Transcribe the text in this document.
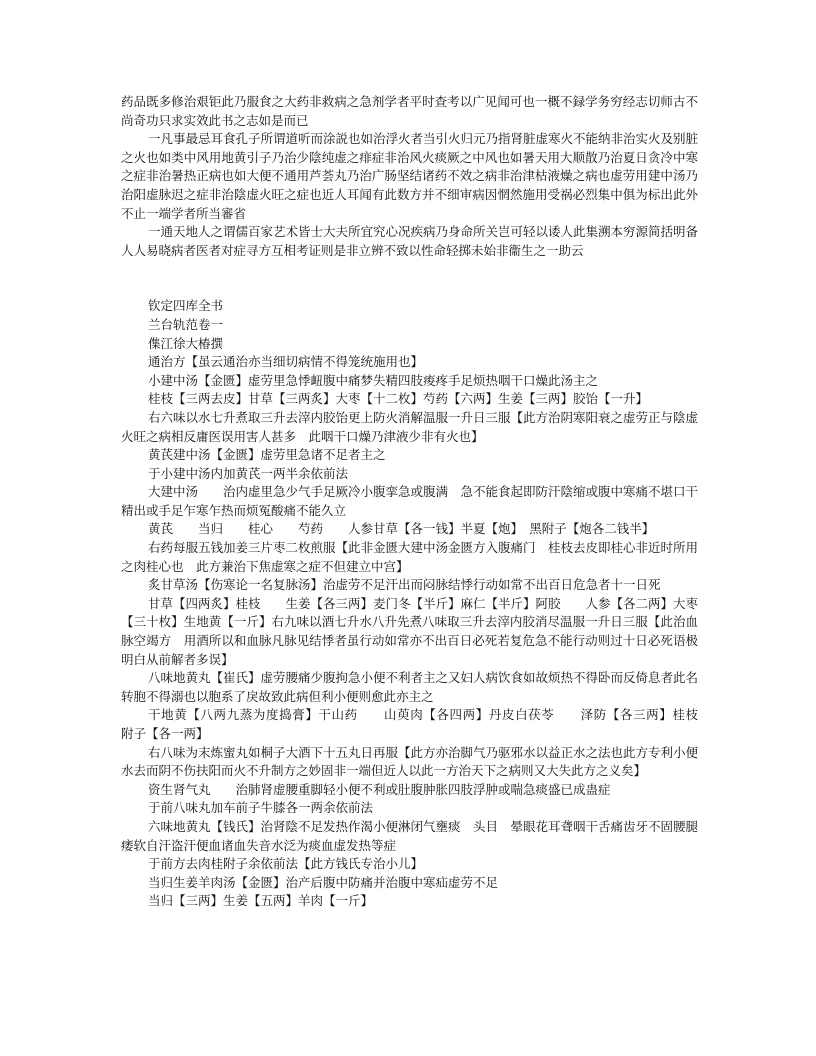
药品既多修治艰钜此乃服食之大药非救病之急剂学者平时查考以广见闻可也一概不録学务穷经志切师古不尚奇功只求实效此书之志如是而已

一凡事最忌耳食孔子所谓道听而涂説也如治浮火者当引火归元乃指肾脏虚寒火不能纳非治实火及别脏之火也如类中风用地黄引子乃治少陰纯虚之痱症非治风火痰厥之中风也如暑天用大顺散乃治夏日贪冷中寒之症非治暑热正病也如大便不通用芦荟丸乃治广肠坚结诸药不效之病非治津枯液燥之病也虚劳用建中汤乃治阳虚脉迟之症非治陰虚火旺之症也近人耳闻有此数方并不细审病因惘然施用受祸必烈集中俱为标出此外不止一端学者所当審省

一通天地人之谓儒百家艺术皆士大夫所宜究心况疾病乃身命所关岂可轻以诿人此集溯本穷源简括明备人人易晓病者医者对症寻方互相考证则是非立辨不致以性命轻掷未始非衞生之一助云

钦定四库全书

兰台轨范卷一

𠍱江徐大椿撰

通治方【虽云通治亦当细切病情不得笼统施用也】

小建中汤【金匮】虚劳里急悸衄腹中痛梦失精四肢痠疼手足烦热咽干口燥此汤主之

桂枝【三两去皮】甘草【三两炙】大枣【十二枚】芍药【六两】生姜【三两】胶饴【一升】

右六味以水七升煮取三升去滓内胶饴更上防火消解温服一升日三服【此方治阴寒阳衰之虚劳正与陰虚火旺之病相反庸医误用害人甚多　此咽干口燥乃津液少非有火也】

黄芪建中汤【金匮】虚劳里急诸不足者主之

于小建中汤内加黄芪一两半余依前法

大建中汤　　治内虚里急少气手足厥冷小腹挛急或腹满　急不能食起即防汗陰缩或腹中寒痛不堪口干精出或手足乍寒乍热而烦冤酸痛不能久立

黄芪　　当归　　桂心　　芍药　　人参甘草【各一钱】半夏【炮】　黑附子【炮各二钱半】

右药每服五钱加姜三片枣二枚煎服【此非金匮大建中汤金匮方入腹痛门　桂枝去皮即桂心非近时所用之肉桂心也　此方兼治下焦虚寒之症不但建立中宫】

炙甘草汤【伤寒论一名复脉汤】治虚劳不足汗出而闷脉结悸行动如常不出百日危急者十一日死

甘草【四两炙】桂枝　　生姜【各三两】麦门冬【半斤】麻仁【半斤】阿胶　　人参【各二两】大枣【三十枚】生地黄【一斤】右九味以酒七升水八升先煮八味取三升去滓内胶消尽温服一升日三服【此治血脉空竭方　用酒所以和血脉凡脉见结悸者虽行动如常亦不出百日必死若复危急不能行动则过十日必死语极明白从前解者多误】

八味地黄丸【崔氏】虚劳腰痛少腹拘急小便不利者主之又妇人病饮食如故烦热不得卧而反倚息者此名转胞不得溺也以胞系了戾故致此病但利小便则愈此亦主之

干地黄【八两九蒸为度捣膏】干山药　　山萸肉【各四两】丹皮白茯苓　　泽防【各三两】桂枝　　附子【各一两】

右八味为末炼蜜丸如桐子大酒下十五丸日再服【此方亦治脚气乃驱邪水以益正水之法也此方专利小便水去而阴不伤扶阳而火不升制方之妙固非一端但近人以此一方治天下之病则又大失此方之义矣】

资生肾气丸　　治肺肾虚腰重脚轻小便不利或肚腹肿胀四肢浮肿或喘急痰盛已成蛊症

于前八味丸加车前子牛膝各一两余依前法

六味地黄丸【钱氏】治肾陰不足发热作渴小便淋闭气壅痰　头目　晕眼花耳聋咽干舌痛齿牙不固腰腿痿软自汗盗汗便血诸血失音水泛为痰血虚发热等症

于前方去肉桂附子余依前法【此方钱氏专治小儿】

当归生姜羊肉汤【金匮】治产后腹中防痛并治腹中寒疝虚劳不足

当归【三两】生姜【五两】羊肉【一斤】
